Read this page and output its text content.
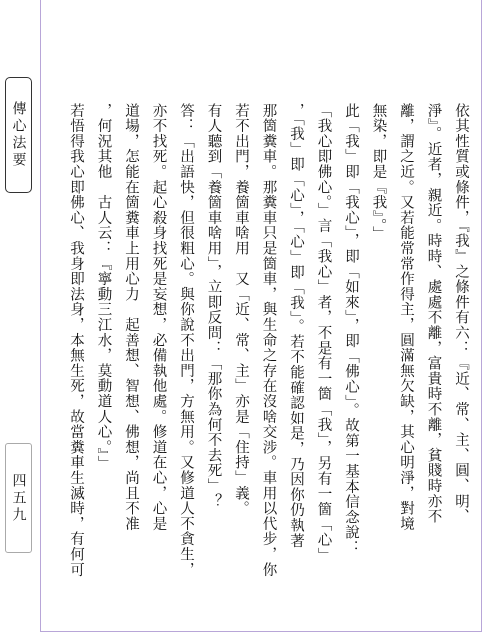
傳心法要
四五九	依其性質或條件，『我』之條件有六：『近、常、主、圓、明、
淨』。近者，親近。時時、處處不離，富貴時不離，貧賤時亦不
離，謂之近。又若能常常作得主，圓滿無欠缺，其心明淨，對境
無染，即是『我』。」
此「我」即「我心」，即「如來」，即「佛心」。故第一基本信念說：
「我心即佛心。」言「我心」者，不是有一箇「我」，另有一箇「心」
，「我」即「心」，「心」即「我」。若不能確認如是，乃因你仍執著
那箇糞車。那糞車只是箇車，與生命之存在沒啥交涉。車用以代步，你
若不出門，養箇車啥用　又「近、常、主」亦是「住持」義。
有人聽到「養箇車啥用」，立即反問：「那你為何不去死」？
答：「出語快，但很粗心。與你說不出門，方無用。又修道人不貪生，
亦不找死。起心殺身找死是妄想，必備執他處。修道在心，心是
道場，怎能在箇糞車上用心力　起善想、智想、佛想，尚且不准
，何況其他　古人云：『寧動三江水，莫動道人心。』」
若悟得我心即佛心、我身即法身，本無生死，故當糞車生滅時，有何可
